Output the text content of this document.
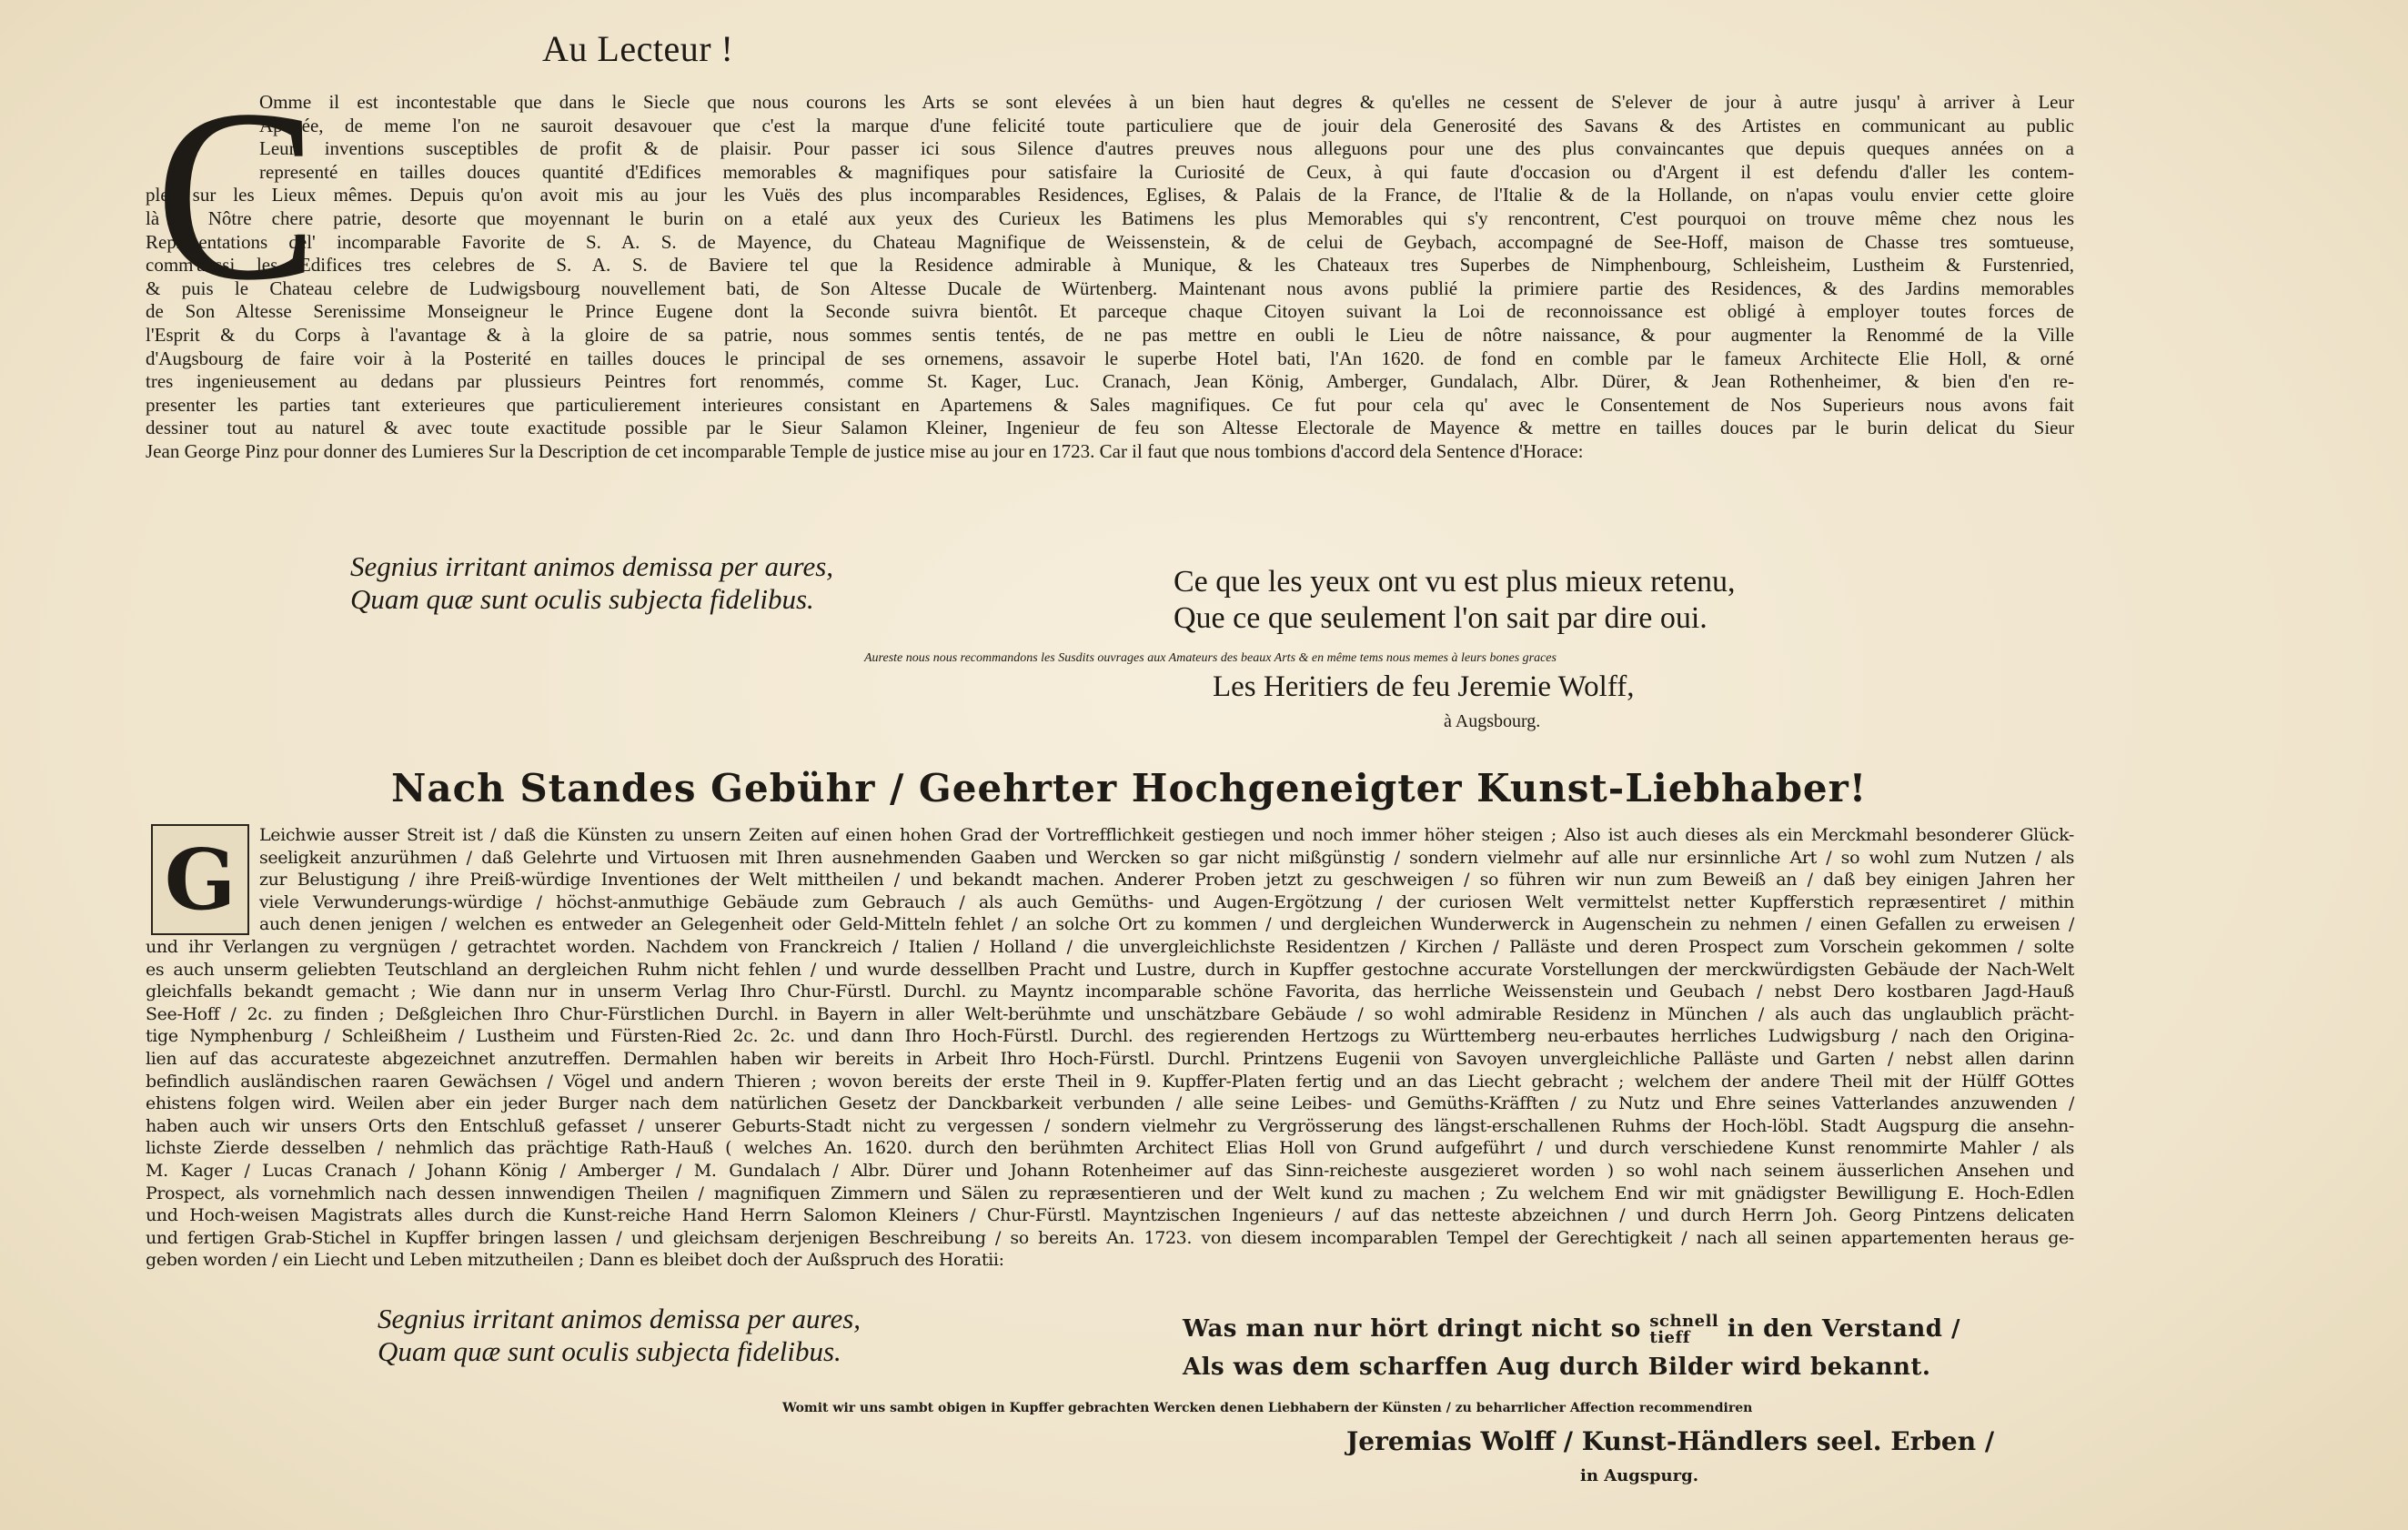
Au Lecteur !
C
Omme il est incontestable que dans le Siecle que nous courons les Arts se sont elevées à un bien haut degres & qu'elles ne cessent de S'elever de jour à autre jusqu' à arriver à Leur
Apogée, de meme l'on ne sauroit desavouer que c'est la marque d'une felicité toute particuliere que de jouir dela Generosité des Savans & des Artistes en communicant au public
Leurs inventions susceptibles de profit & de plaisir. Pour passer ici sous Silence d'autres preuves nous alleguons pour une des plus convaincantes que depuis queques années on a
representé en tailles douces quantité d'Edifices memorables & magnifiques pour satisfaire la Curiosité de Ceux, à qui faute d'occasion ou d'Argent il est defendu d'aller les contem-
pler sur les Lieux mêmes. Depuis qu'on avoit mis au jour les Vuës des plus incomparables Residences, Eglises, & Palais de la France, de l'Italie & de la Hollande, on n'apas voulu envier cette gloire
là à Nôtre chere patrie, desorte que moyennant le burin on a etalé aux yeux des Curieux les Batimens les plus Memorables qui s'y rencontrent, C'est pourquoi on trouve même chez nous les
Representations del' incomparable Favorite de S. A. S. de Mayence, du Chateau Magnifique de Weissenstein, & de celui de Geybach, accompagné de See-Hoff, maison de Chasse tres somtueuse,
comm'aussi les Edifices tres celebres de S. A. S. de Baviere tel que la Residence admirable à Munique, & les Chateaux tres Superbes de Nimphenbourg, Schleisheim, Lustheim & Furstenried,
& puis le Chateau celebre de Ludwigsbourg nouvellement bati, de Son Altesse Ducale de Würtenberg. Maintenant nous avons publié la primiere partie des Residences, & des Jardins memorables
de Son Altesse Serenissime Monseigneur le Prince Eugene dont la Seconde suivra bientôt. Et parceque chaque Citoyen suivant la Loi de reconnoissance est obligé à employer toutes forces de
l'Esprit & du Corps à l'avantage & à la gloire de sa patrie, nous sommes sentis tentés, de ne pas mettre en oubli le Lieu de nôtre naissance, & pour augmenter la Renommé de la Ville
d'Augsbourg de faire voir à la Posterité en tailles douces le principal de ses ornemens, assavoir le superbe Hotel bati, l'An 1620. de fond en comble par le fameux Architecte Elie Holl, & orné
tres ingenieusement au dedans par plussieurs Peintres fort renommés, comme St. Kager, Luc. Cranach, Jean König, Amberger, Gundalach, Albr. Dürer, & Jean Rothenheimer, & bien d'en re-
presenter les parties tant exterieures que particulierement interieures consistant en Apartemens & Sales magnifiques. Ce fut pour cela qu' avec le Consentement de Nos Superieurs nous avons fait
dessiner tout au naturel & avec toute exactitude possible par le Sieur Salamon Kleiner, Ingenieur de feu son Altesse Electorale de Mayence & mettre en tailles douces par le burin delicat du Sieur
Jean George Pinz pour donner des Lumieres Sur la Description de cet incomparable Temple de justice mise au jour en 1723. Car il faut que nous tombions d'accord dela Sentence d'Horace:

Segnius irritant animos demissa per aures,
Quam quæ sunt oculis subjecta fidelibus.

Ce que les yeux ont vu est plus mieux retenu,
Que ce que seulement l'on sait par dire oui.

Aureste nous nous recommandons les Susdits ouvrages aux Amateurs des beaux Arts & en même tems nous memes à leurs bones graces

Les Heritiers de feu Jeremie Wolff,

à Augsbourg.

Nach Standes Gebühr / Geehrter Hochgeneigter Kunst-Liebhaber!
G	Leichwie ausser Streit ist / daß die Künsten zu unsern Zeiten auf einen hohen Grad der Vortrefflichkeit gestiegen und noch immer höher steigen ; Also ist auch dieses als ein Merckmahl besonderer Glück-
seeligkeit anzurühmen / daß Gelehrte und Virtuosen mit Ihren ausnehmenden Gaaben und Wercken so gar nicht mißgünstig / sondern vielmehr auf alle nur ersinnliche Art / so wohl zum Nutzen / als
zur Belustigung / ihre Preiß-würdige Inventiones der Welt mittheilen / und bekandt machen. Anderer Proben jetzt zu geschweigen / so führen wir nun zum Beweiß an / daß bey einigen Jahren her
viele Verwunderungs-würdige / höchst-anmuthige Gebäude zum Gebrauch / als auch Gemüths- und Augen-Ergötzung / der curiosen Welt vermittelst netter Kupfferstich repræsentiret / mithin
auch denen jenigen / welchen es entweder an Gelegenheit oder Geld-Mitteln fehlet / an solche Ort zu kommen / und dergleichen Wunderwerck in Augenschein zu nehmen / einen Gefallen zu erweisen /
und ihr Verlangen zu vergnügen / getrachtet worden. Nachdem von Franckreich / Italien / Holland / die unvergleichlichste Residentzen / Kirchen / Palläste und deren Prospect zum Vorschein gekommen / solte
es auch unserm geliebten Teutschland an dergleichen Ruhm nicht fehlen / und wurde dessellben Pracht und Lustre, durch in Kupffer gestochne accurate Vorstellungen der merckwürdigsten Gebäude der Nach-Welt
gleichfalls bekandt gemacht ; Wie dann nur in unserm Verlag Ihro Chur-Fürstl. Durchl. zu Mayntz incomparable schöne Favorita, das herrliche Weissenstein und Geubach / nebst Dero kostbaren Jagd-Hauß
See-Hoff / 2c. zu finden ; Deßgleichen Ihro Chur-Fürstlichen Durchl. in Bayern in aller Welt-berühmte und unschätzbare Gebäude / so wohl admirable Residenz in München / als auch das unglaublich prächt-
tige Nymphenburg / Schleißheim / Lustheim und Fürsten-Ried 2c. 2c. und dann Ihro Hoch-Fürstl. Durchl. des regierenden Hertzogs zu Württemberg neu-erbautes herrliches Ludwigsburg / nach den Origina-
lien auf das accurateste abgezeichnet anzutreffen. Dermahlen haben wir bereits in Arbeit Ihro Hoch-Fürstl. Durchl. Printzens Eugenii von Savoyen unvergleichliche Palläste und Garten / nebst allen darinn
befindlich ausländischen raaren Gewächsen / Vögel und andern Thieren ; wovon bereits der erste Theil in 9. Kupffer-Platen fertig und an das Liecht gebracht ; welchem der andere Theil mit der Hülff GOttes
ehistens folgen wird. Weilen aber ein jeder Burger nach dem natürlichen Gesetz der Danckbarkeit verbunden / alle seine Leibes- und Gemüths-Kräfften / zu Nutz und Ehre seines Vatterlandes anzuwenden /
haben auch wir unsers Orts den Entschluß gefasset / unserer Geburts-Stadt nicht zu vergessen / sondern vielmehr zu Vergrösserung des längst-erschallenen Ruhms der Hoch-löbl. Stadt Augspurg die ansehn-
lichste Zierde desselben / nehmlich das prächtige Rath-Hauß ( welches An. 1620. durch den berühmten Architect Elias Holl von Grund aufgeführt / und durch verschiedene Kunst renommirte Mahler / als
M. Kager / Lucas Cranach / Johann König / Amberger / M. Gundalach / Albr. Dürer und Johann Rotenheimer auf das Sinn-reicheste ausgezieret worden ) so wohl nach seinem äusserlichen Ansehen und
Prospect, als vornehmlich nach dessen innwendigen Theilen / magnifiquen Zimmern und Sälen zu repræsentieren und der Welt kund zu machen ; Zu welchem End wir mit gnädigster Bewilligung E. Hoch-Edlen
und Hoch-weisen Magistrats alles durch die Kunst-reiche Hand Herrn Salomon Kleiners / Chur-Fürstl. Mayntzischen Ingenieurs / auf das netteste abzeichnen / und durch Herrn Joh. Georg Pintzens delicaten
und fertigen Grab-Stichel in Kupffer bringen lassen / und gleichsam derjenigen Beschreibung / so bereits An. 1723. von diesem incomparablen Tempel der Gerechtigkeit / nach all seinen appartementen heraus ge-
geben worden / ein Liecht und Leben mitzutheilen ; Dann es bleibet doch der Außspruch des Horatii:

Segnius irritant animos demissa per aures,
Quam quæ sunt oculis subjecta fidelibus.

Was man nur hört dringt nicht so schnell
tieff	in den Verstand /
Als was dem scharffen Aug durch Bilder wird bekannt.

Womit wir uns sambt obigen in Kupffer gebrachten Wercken denen Liebhabern der Künsten / zu beharrlicher Affection recommendiren

Jeremias Wolff / Kunst-Händlers seel. Erben /

in Augspurg.
